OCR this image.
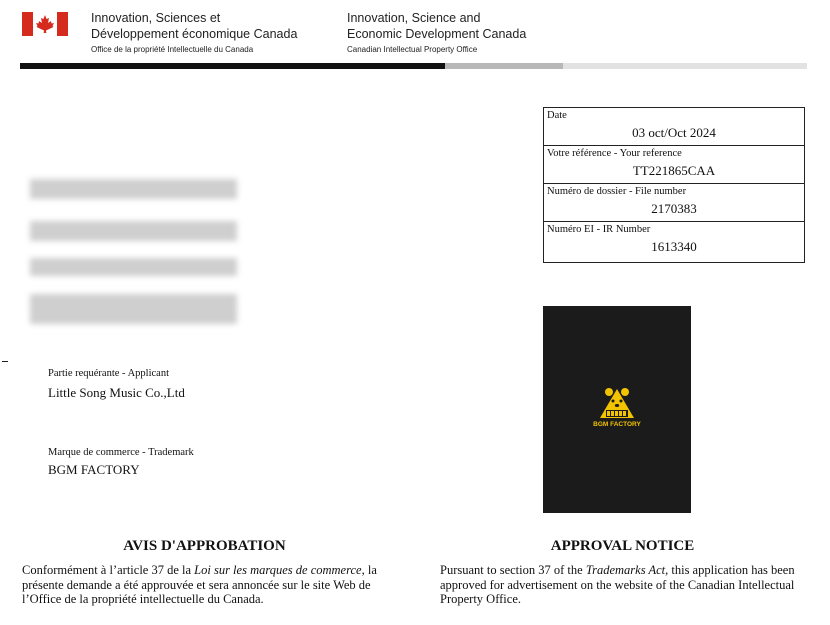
Innovation, Sciences et
Développement économique Canada
Office de la propriété Intellectuelle du Canada
Innovation, Science and
Economic Development Canada
Canadian Intellectual Property Office
Date
03 oct/Oct 2024
Votre référence - Your reference
TT221865CAA
Numéro de dossier - File number
2170383
Numéro EI - IR Number
1613340
Partie requérante - Applicant
Little Song Music Co.,Ltd
Marque de commerce - Trademark
BGM FACTORY
BGM FACTORY
AVIS D'APPROBATION
Conformément à l’article 37 de la Loi sur les marques de commerce, la présente demande a été approuvée et sera annoncée sur le site Web de l’Office de la propriété intellectuelle du Canada.
APPROVAL NOTICE
Pursuant to section 37 of the Trademarks Act, this application has been approved for advertisement on the website of the Canadian Intellectual Property Office.
